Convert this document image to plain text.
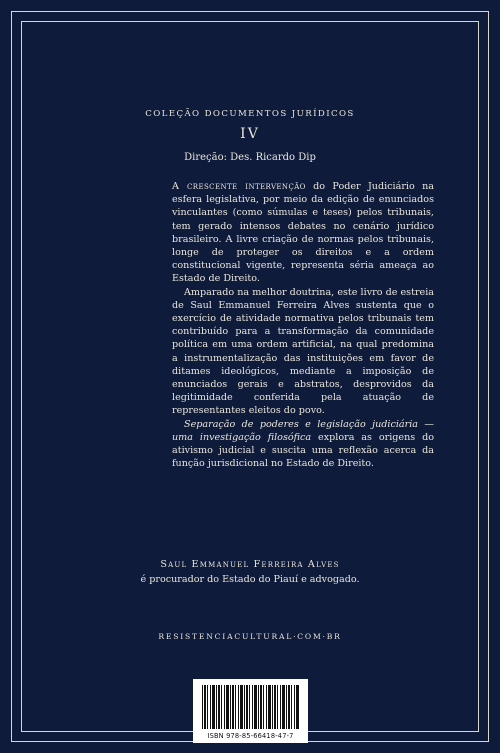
COLEÇÃO DOCUMENTOS JURÍDICOS
IV
Direção: Des. Ricardo Dip

A crescente intervenção do Poder Judiciário na esfera legislativa, por meio da edição de enunciados vinculantes (como súmulas e teses) pelos tribunais, tem gerado intensos debates no cenário jurídico brasileiro. A livre criação de normas pelos tribunais, longe de proteger os direitos e a ordem constitucional vigente, representa séria ameaça ao Estado de Direito.

Amparado na melhor doutrina, este livro de estreia de Saul Emmanuel Ferreira Alves sustenta que o exercício de atividade normativa pelos tribunais tem contribuído para a transformação da comunidade política em uma ordem artificial, na qual predomina a instrumentalização das instituições em favor de ditames ideológicos, mediante a imposição de enunciados gerais e abstratos, desprovidos da legitimidade conferida pela atuação de representantes eleitos do povo.

Separação de poderes e legislação judiciária — uma investigação filosófica explora as origens do ativismo judicial e suscita uma reflexão acerca da função jurisdicional no Estado de Direito.

Saul Emmanuel Ferreira Alves
é procurador do Estado do Piauí e advogado.
RESISTENCIACULTURAL·COM·BR
ISBN 978-85-66418-47-7
